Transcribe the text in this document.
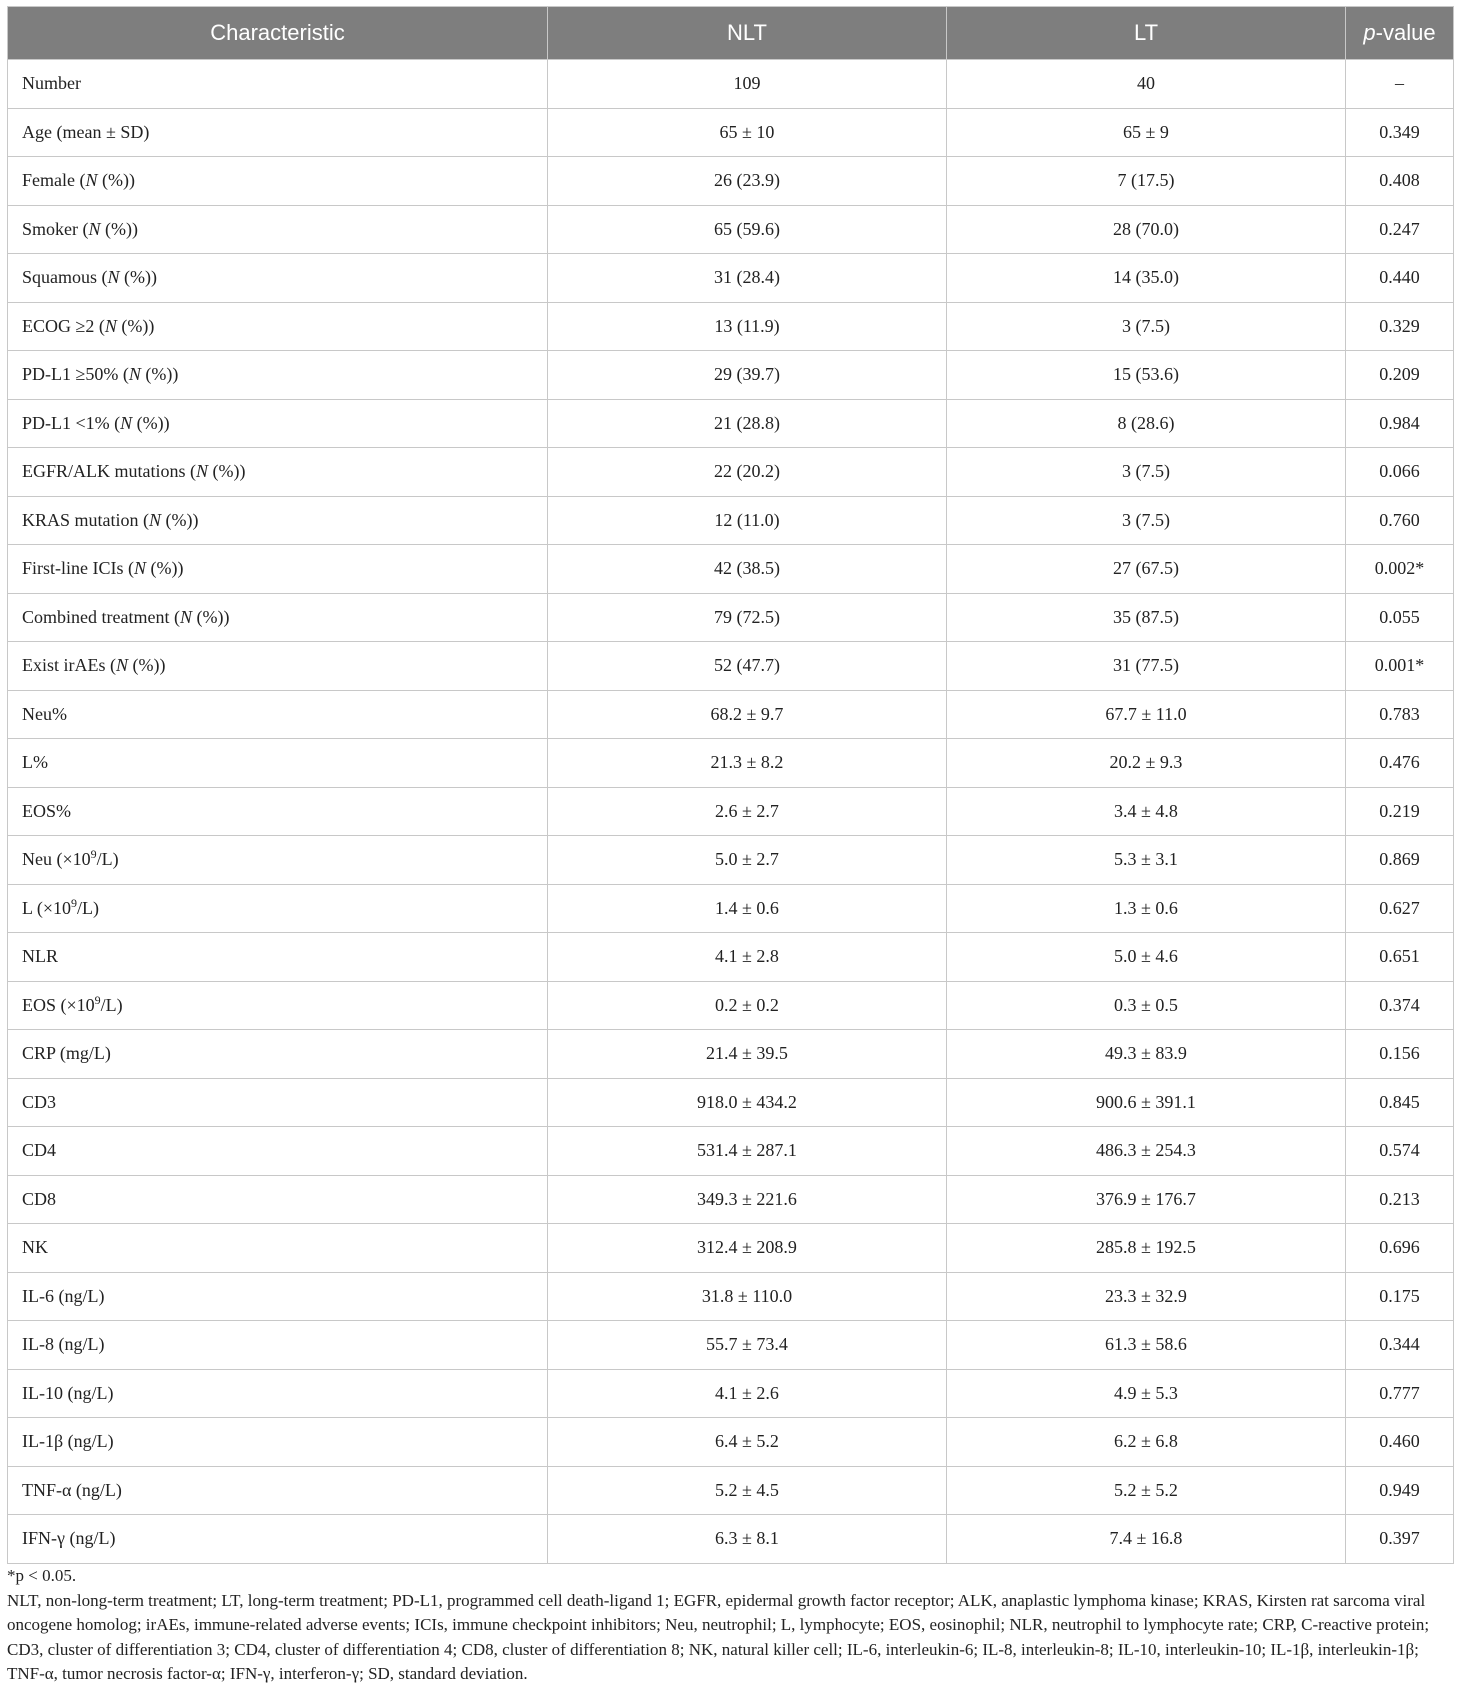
Characteristic	NLT	LT	p-value
Number	109	40	–
Age (mean ± SD)	65 ± 10	65 ± 9	0.349
Female (N (%))	26 (23.9)	7 (17.5)	0.408
Smoker (N (%))	65 (59.6)	28 (70.0)	0.247
Squamous (N (%))	31 (28.4)	14 (35.0)	0.440
ECOG ≥2 (N (%))	13 (11.9)	3 (7.5)	0.329
PD-L1 ≥50% (N (%))	29 (39.7)	15 (53.6)	0.209
PD-L1 <1% (N (%))	21 (28.8)	8 (28.6)	0.984
EGFR/ALK mutations (N (%))	22 (20.2)	3 (7.5)	0.066
KRAS mutation (N (%))	12 (11.0)	3 (7.5)	0.760
First-line ICIs (N (%))	42 (38.5)	27 (67.5)	0.002*
Combined treatment (N (%))	79 (72.5)	35 (87.5)	0.055
Exist irAEs (N (%))	52 (47.7)	31 (77.5)	0.001*
Neu%	68.2 ± 9.7	67.7 ± 11.0	0.783
L%	21.3 ± 8.2	20.2 ± 9.3	0.476
EOS%	2.6 ± 2.7	3.4 ± 4.8	0.219
Neu $(\times 10^9/L)$	5.0 ± 2.7	5.3 ± 3.1	0.869
L $(\times 10^9/L)$	1.4 ± 0.6	1.3 ± 0.6	0.627
NLR	4.1 ± 2.8	5.0 ± 4.6	0.651
EOS $(\times 10^9/L)$	0.2 ± 0.2	0.3 ± 0.5	0.374
CRP (mg/L)	21.4 ± 39.5	49.3 ± 83.9	0.156
CD3	918.0 ± 434.2	900.6 ± 391.1	0.845
CD4	531.4 ± 287.1	486.3 ± 254.3	0.574
CD8	349.3 ± 221.6	376.9 ± 176.7	0.213
NK	312.4 ± 208.9	285.8 ± 192.5	0.696
IL-6 (ng/L)	31.8 ± 110.0	23.3 ± 32.9	0.175
IL-8 (ng/L)	55.7 ± 73.4	61.3 ± 58.6	0.344
IL-10 (ng/L)	4.1 ± 2.6	4.9 ± 5.3	0.777
IL-1β (ng/L)	6.4 ± 5.2	6.2 ± 6.8	0.460
TNF-α (ng/L)	5.2 ± 4.5	5.2 ± 5.2	0.949
IFN-γ (ng/L)	6.3 ± 8.1	7.4 ± 16.8	0.397

*p < 0.05.

NLT, non-long-term treatment; LT, long-term treatment; PD-L1, programmed cell death-ligand 1; EGFR, epidermal growth factor receptor; ALK, anaplastic lymphoma kinase; KRAS, Kirsten rat sarcoma viral oncogene homolog; irAEs, immune-related adverse events; ICIs, immune checkpoint inhibitors; Neu, neutrophil; L, lymphocyte; EOS, eosinophil; NLR, neutrophil to lymphocyte rate; CRP, C-reactive protein; CD3, cluster of differentiation 3; CD4, cluster of differentiation 4; CD8, cluster of differentiation 8; NK, natural killer cell; IL-6, interleukin-6; IL-8, interleukin-8; IL-10, interleukin-10; IL-1β, interleukin-1β; TNF-α, tumor necrosis factor-α; IFN-γ, interferon-γ; SD, standard deviation.
